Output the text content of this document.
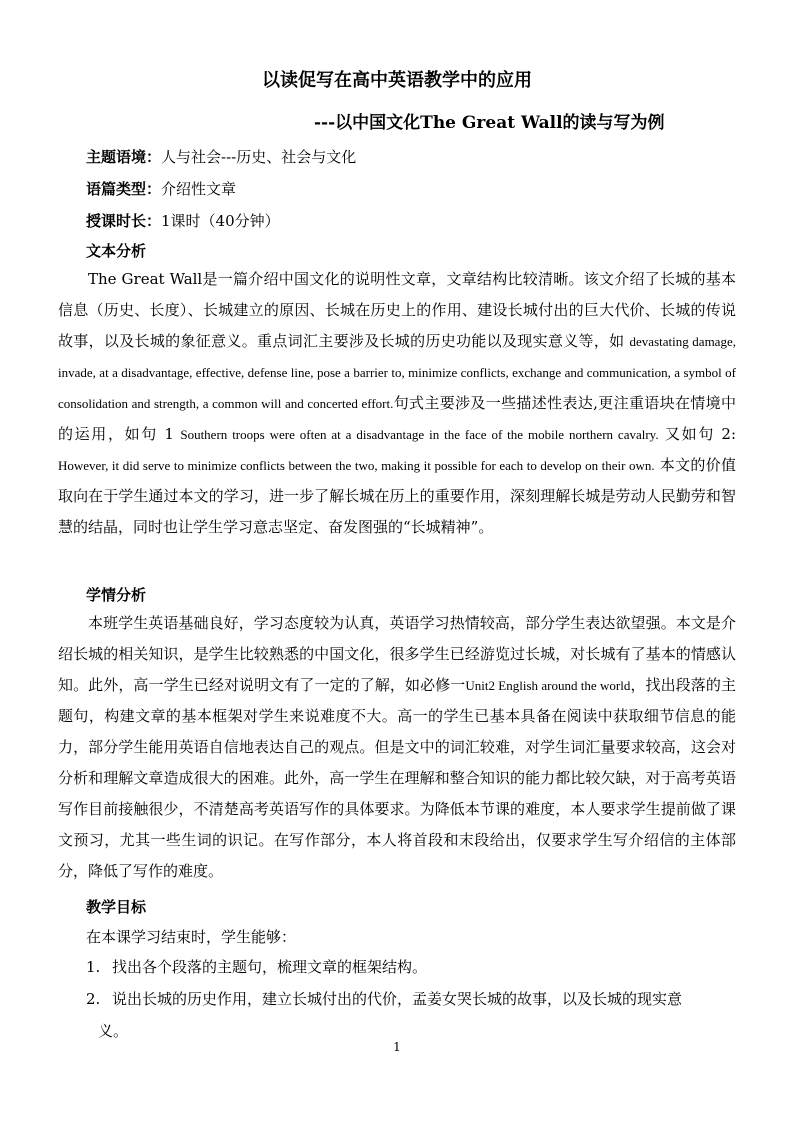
以读促写在高中英语教学中的应用
---以中国文化The Great Wall的读与写为例
主题语境：人与社会---历史、社会与文化
语篇类型：介绍性文章
授课时长：1课时（40分钟）
文本分析

The Great Wall是一篇介绍中国文化的说明性文章，文章结构比较清晰。该文介绍了长城的基本信息（历史、长度）、长城建立的原因、长城在历史上的作用、建设长城付出的巨大代价、长城的传说故事，以及长城的象征意义。重点词汇主要涉及长城的历史功能以及现实意义等，如 devastating damage, invade, at a disadvantage, effective, defense line, pose a barrier to, minimize conflicts, exchange and communication, a symbol of consolidation and strength, a common will and concerted effort.句式主要涉及一些描述性表达,更注重语块在情境中的运用，如句 1 Southern troops were often at a disadvantage in the face of the mobile northern cavalry. 又如句 2: However, it did serve to minimize conflicts between the two, making it possible for each to develop on their own. 本文的价值取向在于学生通过本文的学习，进一步了解长城在历上的重要作用，深刻理解长城是劳动人民勤劳和智慧的结晶，同时也让学生学习意志坚定、奋发图强的“长城精神”。

学情分析

本班学生英语基础良好，学习态度较为认真，英语学习热情较高，部分学生表达欲望强。本文是介绍长城的相关知识，是学生比较熟悉的中国文化，很多学生已经游览过长城，对长城有了基本的情感认知。此外，高一学生已经对说明文有了一定的了解，如必修一Unit2 English around the world，找出段落的主题句，构建文章的基本框架对学生来说难度不大。高一的学生已基本具备在阅读中获取细节信息的能力，部分学生能用英语自信地表达自己的观点。但是文中的词汇较难，对学生词汇量要求较高，这会对分析和理解文章造成很大的困难。此外，高一学生在理解和整合知识的能力都比较欠缺，对于高考英语写作目前接触很少，不清楚高考英语写作的具体要求。为降低本节课的难度，本人要求学生提前做了课文预习，尤其一些生词的识记。在写作部分，本人将首段和末段给出，仅要求学生写介绍信的主体部分，降低了写作的难度。

教学目标
在本课学习结束时，学生能够：
1. 找出各个段落的主题句，梳理文章的框架结构。
2. 说出长城的历史作用，建立长城付出的代价，孟姜女哭长城的故事，以及长城的现实意
义。
1
